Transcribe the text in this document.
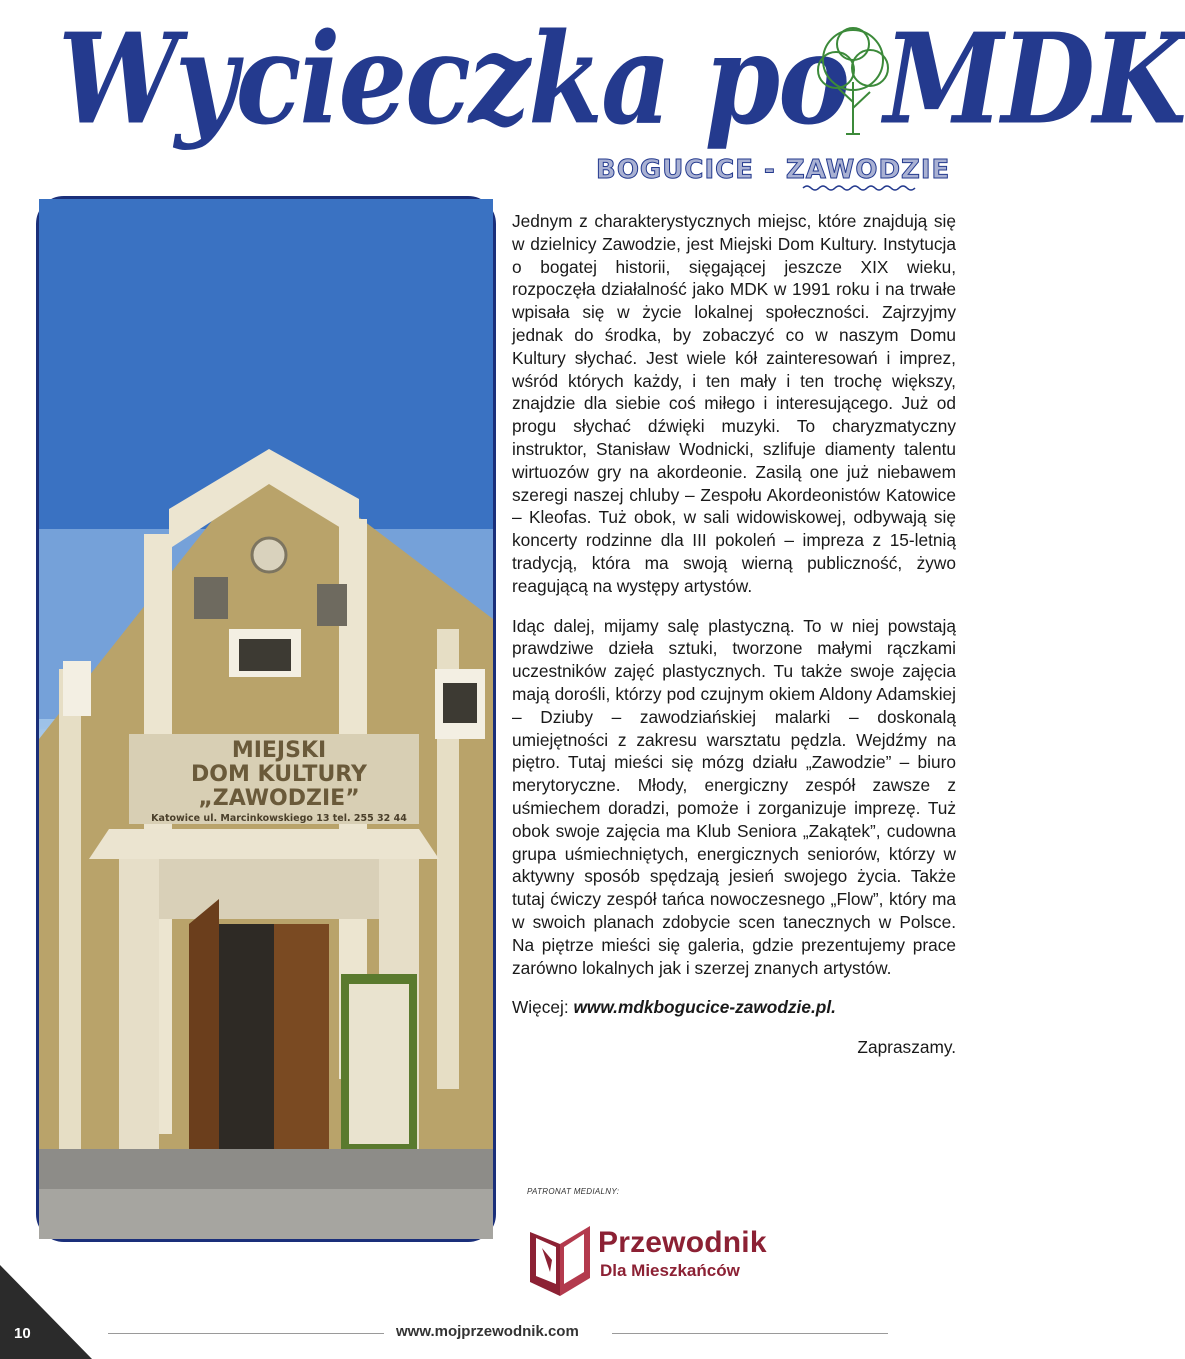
Wycieczka po MDK
BOGUCICE - ZAWODZIE
MIEJSKI
DOM KULTURY
„ZAWODZIE”
Katowice ul. Marcinkowskiego 13 tel. 255 32 44

Jednym z charakterystycznych miejsc, które znajdują się w dzielnicy Zawodzie, jest Miejski Dom Kultury. Instytucja o bogatej historii, sięgającej jeszcze XIX wieku, rozpoczęła działalność jako MDK w 1991 roku i na trwałe wpisała się w życie lokalnej społeczności. Zajrzyjmy jednak do środka, by zobaczyć co w naszym Domu Kultury słychać. Jest wiele kół zainteresowań i imprez, wśród których każdy, i ten mały i ten trochę większy, znajdzie dla siebie coś miłego i interesującego. Już od progu słychać dźwięki muzyki. To charyzmatyczny instruktor, Stanisław Wodnicki, szlifuje diamenty talentu wirtuozów gry na akordeonie. Zasilą one już niebawem szeregi naszej chluby – Zespołu Akordeonistów Katowice – Kleofas. Tuż obok, w sali widowiskowej, odbywają się koncerty rodzinne dla III pokoleń – impreza z 15-letnią tradycją, która ma swoją wierną publiczność, żywo reagującą na występy artystów.

Idąc dalej, mijamy salę plastyczną. To w niej powstają prawdziwe dzieła sztuki, tworzone małymi rączkami uczestników zajęć plastycznych. Tu także swoje zajęcia mają dorośli, którzy pod czujnym okiem Aldony Adamskiej – Dziuby – zawodziańskiej malarki – doskonalą umiejętności z zakresu warsztatu pędzla. Wejdźmy na piętro. Tutaj mieści się mózg działu „Zawodzie” – biuro merytoryczne. Młody, energiczny zespół zawsze z uśmiechem doradzi, pomoże i zorganizuje imprezę. Tuż obok swoje zajęcia ma Klub Seniora „Zakątek”, cudowna grupa uśmiechniętych, energicznych seniorów, którzy w aktywny sposób spędzają jesień swojego życia. Także tutaj ćwiczy zespół tańca nowoczesnego „Flow”, który ma w swoich planach zdobycie scen tanecznych w Polsce. Na piętrze mieści się galeria, gdzie prezentujemy prace zarówno lokalnych jak i szerzej znanych artystów.

Więcej: www.mdkbogucice-zawodzie.pl.

Zapraszamy.

PATRONAT MEDIALNY:
Przewodnik
Dla Mieszkańców
10	www.mojprzewodnik.com
